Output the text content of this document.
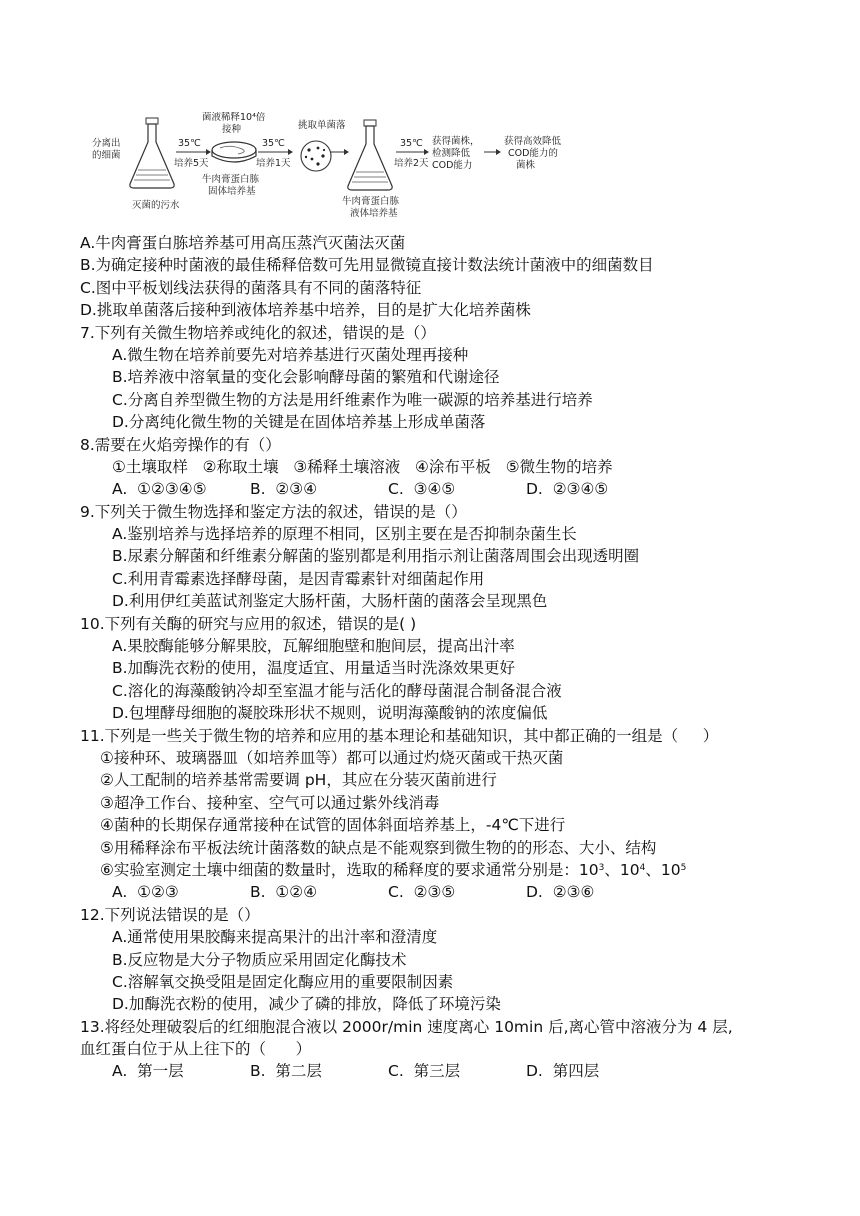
分离出
的细菌
灭菌的污水
35℃
培养5天
菌液稀释10⁴倍
接种
牛肉膏蛋白胨
固体培养基
35℃
培养1天
挑取单菌落
牛肉膏蛋白胨
液体培养基
35℃
培养2天
获得菌株，
检测降低
COD能力
获得高效降低
COD能力的
菌株
A.牛肉膏蛋白胨培养基可用高压蒸汽灭菌法灭菌
B.为确定接种时菌液的最佳稀释倍数可先用显微镜直接计数法统计菌液中的细菌数目
C.图中平板划线法获得的菌落具有不同的菌落特征
D.挑取单菌落后接种到液体培养基中培养，目的是扩大化培养菌株
7.下列有关微生物培养或纯化的叙述，错误的是（）
A.微生物在培养前要先对培养基进行灭菌处理再接种
B.培养液中溶氧量的变化会影响酵母菌的繁殖和代谢途径
C.分离自养型微生物的方法是用纤维素作为唯一碳源的培养基进行培养
D.分离纯化微生物的关键是在固体培养基上形成单菌落
8.需要在火焰旁操作的有（）
①土壤取样   ②称取土壤   ③稀释土壤溶液   ④涂布平板   ⑤微生物的培养
A.  ①②③④⑤	B.  ②③④	C.  ③④⑤	D.  ②③④⑤
9.下列关于微生物选择和鉴定方法的叙述，错误的是（）
A.鉴别培养与选择培养的原理不相同，区别主要在是否抑制杂菌生长
B.尿素分解菌和纤维素分解菌的鉴别都是利用指示剂让菌落周围会出现透明圈
C.利用青霉素选择酵母菌，是因青霉素针对细菌起作用
D.利用伊红美蓝试剂鉴定大肠杆菌，大肠杆菌的菌落会呈现黑色
10.下列有关酶的研究与应用的叙述，错误的是( )
A.果胶酶能够分解果胶，瓦解细胞壁和胞间层，提高出汁率
B.加酶洗衣粉的使用，温度适宜、用量适当时洗涤效果更好
C.溶化的海藻酸钠冷却至室温才能与活化的酵母菌混合制备混合液
D.包埋酵母细胞的凝胶珠形状不规则，说明海藻酸钠的浓度偏低
11.下列是一些关于微生物的培养和应用的基本理论和基础知识，其中都正确的一组是（     ）
①接种环、玻璃器皿（如培养皿等）都可以通过灼烧灭菌或干热灭菌
②人工配制的培养基常需要调 pH，其应在分装灭菌前进行
③超净工作台、接种室、空气可以通过紫外线消毒
④菌种的长期保存通常接种在试管的固体斜面培养基上，-4℃下进行
⑤用稀释涂布平板法统计菌落数的缺点是不能观察到微生物的的形态、大小、结构
⑥实验室测定土壤中细菌的数量时，选取的稀释度的要求通常分别是：$10^3$、$10^4$、$10^5$
A.  ①②③	B.  ①②④	C.  ②③⑤	D.  ②③⑥
12.下列说法错误的是（）
A.通常使用果胶酶来提高果汁的出汁率和澄清度
B.反应物是大分子物质应采用固定化酶技术
C.溶解氧交换受阻是固定化酶应用的重要限制因素
D.加酶洗衣粉的使用，减少了磷的排放，降低了环境污染
13.将经处理破裂后的红细胞混合液以 2000r/min 速度离心 10min 后,离心管中溶液分为 4 层,
血红蛋白位于从上往下的（      ）
A.  第一层	B.  第二层	C.  第三层	D.  第四层
